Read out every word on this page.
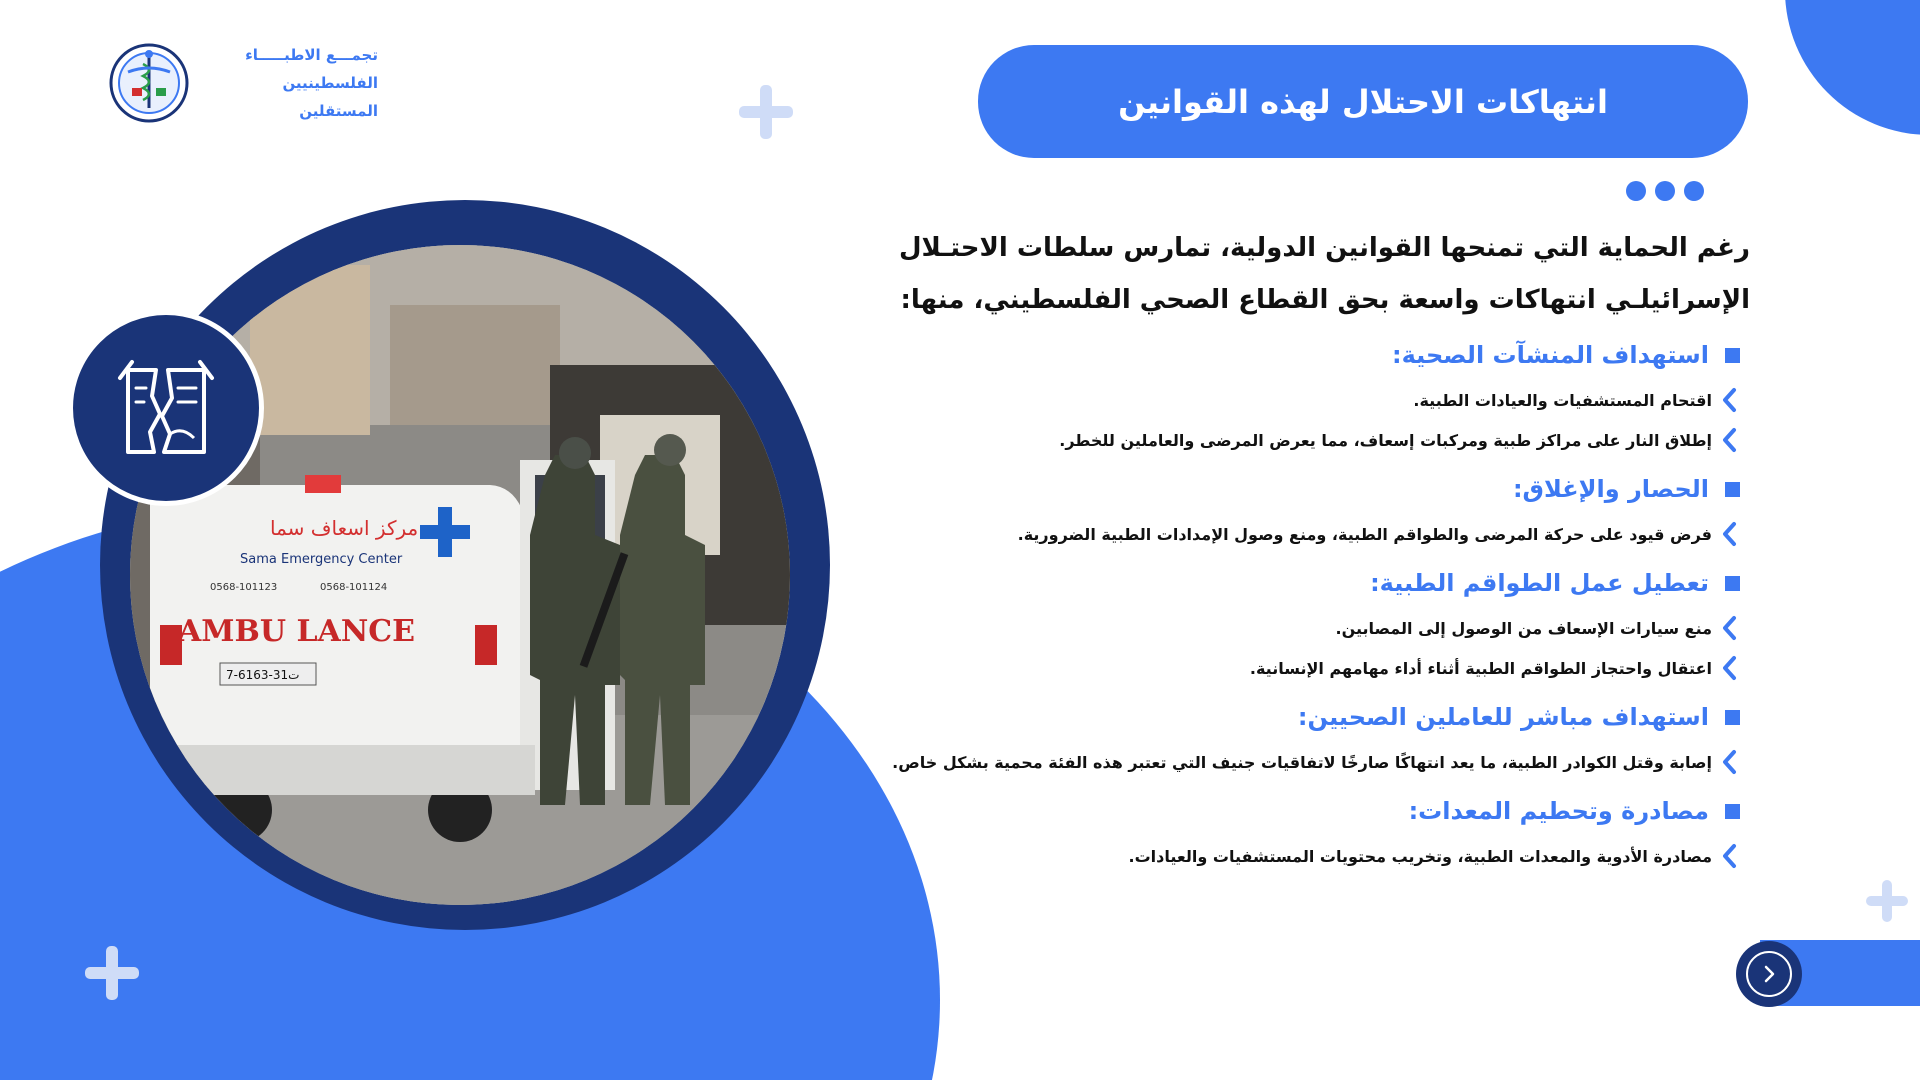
تجمـــع الاطبـــــاء
الفلسطينيين المستقلين
مركز اسعاف سما
Sama Emergency Center
0568-101123	0568-101124
AMBU LANCE
7-6163-31ت
انتهاكات الاحتلال لهذه القوانين

رغم الحماية التي تمنحها القوانين الدولية، تمارس سلطات الاحتـلال الإسرائيلـي انتهاكات واسعة بحق القطاع الصحي الفلسطيني، منها:

استهداف المنشآت الصحية:
اقتحام المستشفيات والعيادات الطبية.
إطلاق النار على مراكز طبية ومركبات إسعاف، مما يعرض المرضى والعاملين للخطر.
الحصار والإغلاق:
فرض قيود على حركة المرضى والطواقم الطبية، ومنع وصول الإمدادات الطبية الضرورية.
تعطيل عمل الطواقم الطبية:
منع سيارات الإسعاف من الوصول إلى المصابين.
اعتقال واحتجاز الطواقم الطبية أثناء أداء مهامهم الإنسانية.
استهداف مباشر للعاملين الصحيين:
إصابة وقتل الكوادر الطبية، ما يعد انتهاكًا صارخًا لاتفاقيات جنيف التي تعتبر هذه الفئة محمية بشكل خاص.
مصادرة وتحطيم المعدات:
مصادرة الأدوية والمعدات الطبية، وتخريب محتويات المستشفيات والعيادات.
